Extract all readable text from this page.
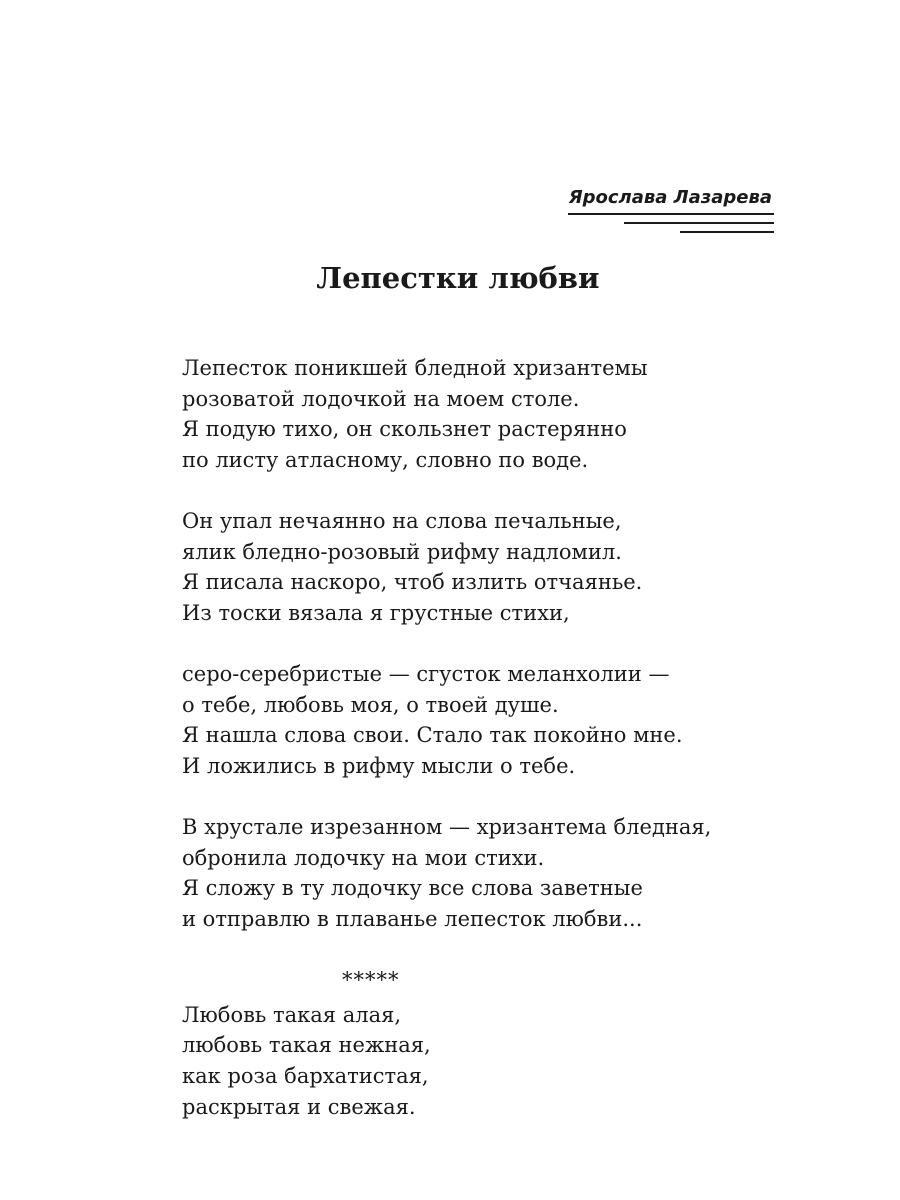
Ярослава Лазарева
Лепестки любви
Лепесток поникшей бледной хризантемы
розоватой лодочкой на моем столе.
Я подую тихо, он скользнет растерянно
по листу атласному, словно по воде.
Он упал нечаянно на слова печальные,
ялик бледно-розовый рифму надломил.
Я писала наскоро, чтоб излить отчаянье.
Из тоски вязала я грустные стихи,
серо-серебристые — сгусток меланхолии —
о тебе, любовь моя, о твоей душе.
Я нашла слова свои. Стало так покойно мне.
И ложились в рифму мысли о тебе.
В хрустале изрезанном — хризантема бледная,
обронила лодочку на мои стихи.
Я сложу в ту лодочку все слова заветные
и отправлю в плаванье лепесток любви...
*****
Любовь такая алая,
любовь такая нежная,
как роза бархатистая,
раскрытая и свежая.
